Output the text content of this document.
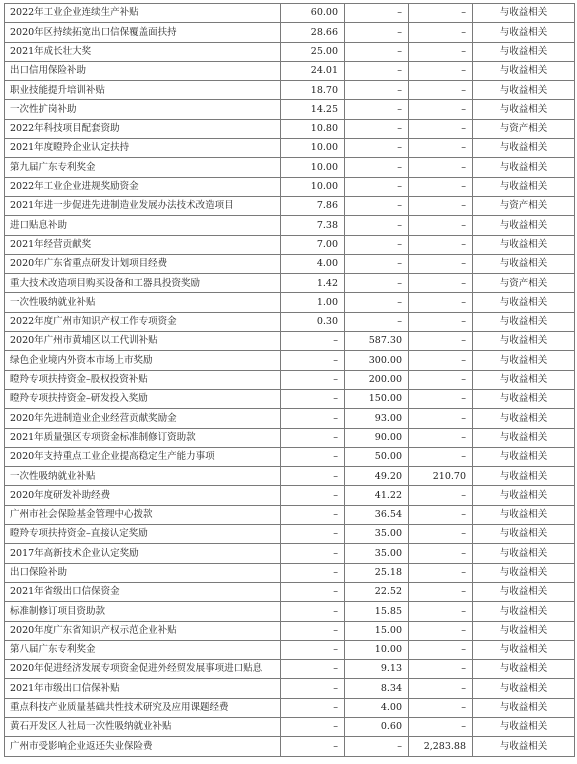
2022年工业企业连续生产补贴	60.00	–	–	与收益相关
2020年区持续拓宽出口信保覆盖面扶持	28.66	–	–	与收益相关
2021年成长壮大奖	25.00	–	–	与收益相关
出口信用保险补助	24.01	–	–	与收益相关
职业技能提升培训补贴	18.70	–	–	与收益相关
一次性扩岗补助	14.25	–	–	与收益相关
2022年科技项目配套资助	10.80	–	–	与资产相关
2021年度瞪羚企业认定扶持	10.00	–	–	与收益相关
第九届广东专利奖金	10.00	–	–	与收益相关
2022年工业企业进规奖励资金	10.00	–	–	与收益相关
2021年进一步促进先进制造业发展办法技术改造项目	7.86	–	–	与资产相关
进口贴息补助	7.38	–	–	与收益相关
2021年经营贡献奖	7.00	–	–	与收益相关
2020年广东省重点研发计划项目经费	4.00	–	–	与收益相关
重大技术改造项目购买设备和工器具投资奖励	1.42	–	–	与资产相关
一次性吸纳就业补贴	1.00	–	–	与收益相关
2022年度广州市知识产权工作专项资金	0.30	–	–	与收益相关
2020年广州市黄埔区以工代训补贴	–	587.30	–	与收益相关
绿色企业境内外资本市场上市奖励	–	300.00	–	与收益相关
瞪羚专项扶持资金–股权投资补贴	–	200.00	–	与收益相关
瞪羚专项扶持资金–研发投入奖励	–	150.00	–	与收益相关
2020年先进制造业企业经营贡献奖励金	–	93.00	–	与收益相关
2021年质量强区专项资金标准制修订资助款	–	90.00	–	与收益相关
2020年支持重点工业企业提高稳定生产能力事项	–	50.00	–	与收益相关
一次性吸纳就业补贴	–	49.20	210.70	与收益相关
2020年度研发补助经费	–	41.22	–	与收益相关
广州市社会保险基金管理中心拨款	–	36.54	–	与收益相关
瞪羚专项扶持资金–直接认定奖励	–	35.00	–	与收益相关
2017年高新技术企业认定奖励	–	35.00	–	与收益相关
出口保险补助	–	25.18	–	与收益相关
2021年省级出口信保资金	–	22.52	–	与收益相关
标准制修订项目资助款	–	15.85	–	与收益相关
2020年度广东省知识产权示范企业补贴	–	15.00	–	与收益相关
第八届广东专利奖金	–	10.00	–	与收益相关
2020年促进经济发展专项资金促进外经贸发展事项进口贴息	–	9.13	–	与收益相关
2021年市级出口信保补贴	–	8.34	–	与收益相关
重点科技产业质量基础共性技术研究及应用课题经费	–	4.00	–	与收益相关
黄石开发区人社局一次性吸纳就业补贴	–	0.60	–	与收益相关
广州市受影响企业返还失业保险费	–	–	2,283.88	与收益相关
